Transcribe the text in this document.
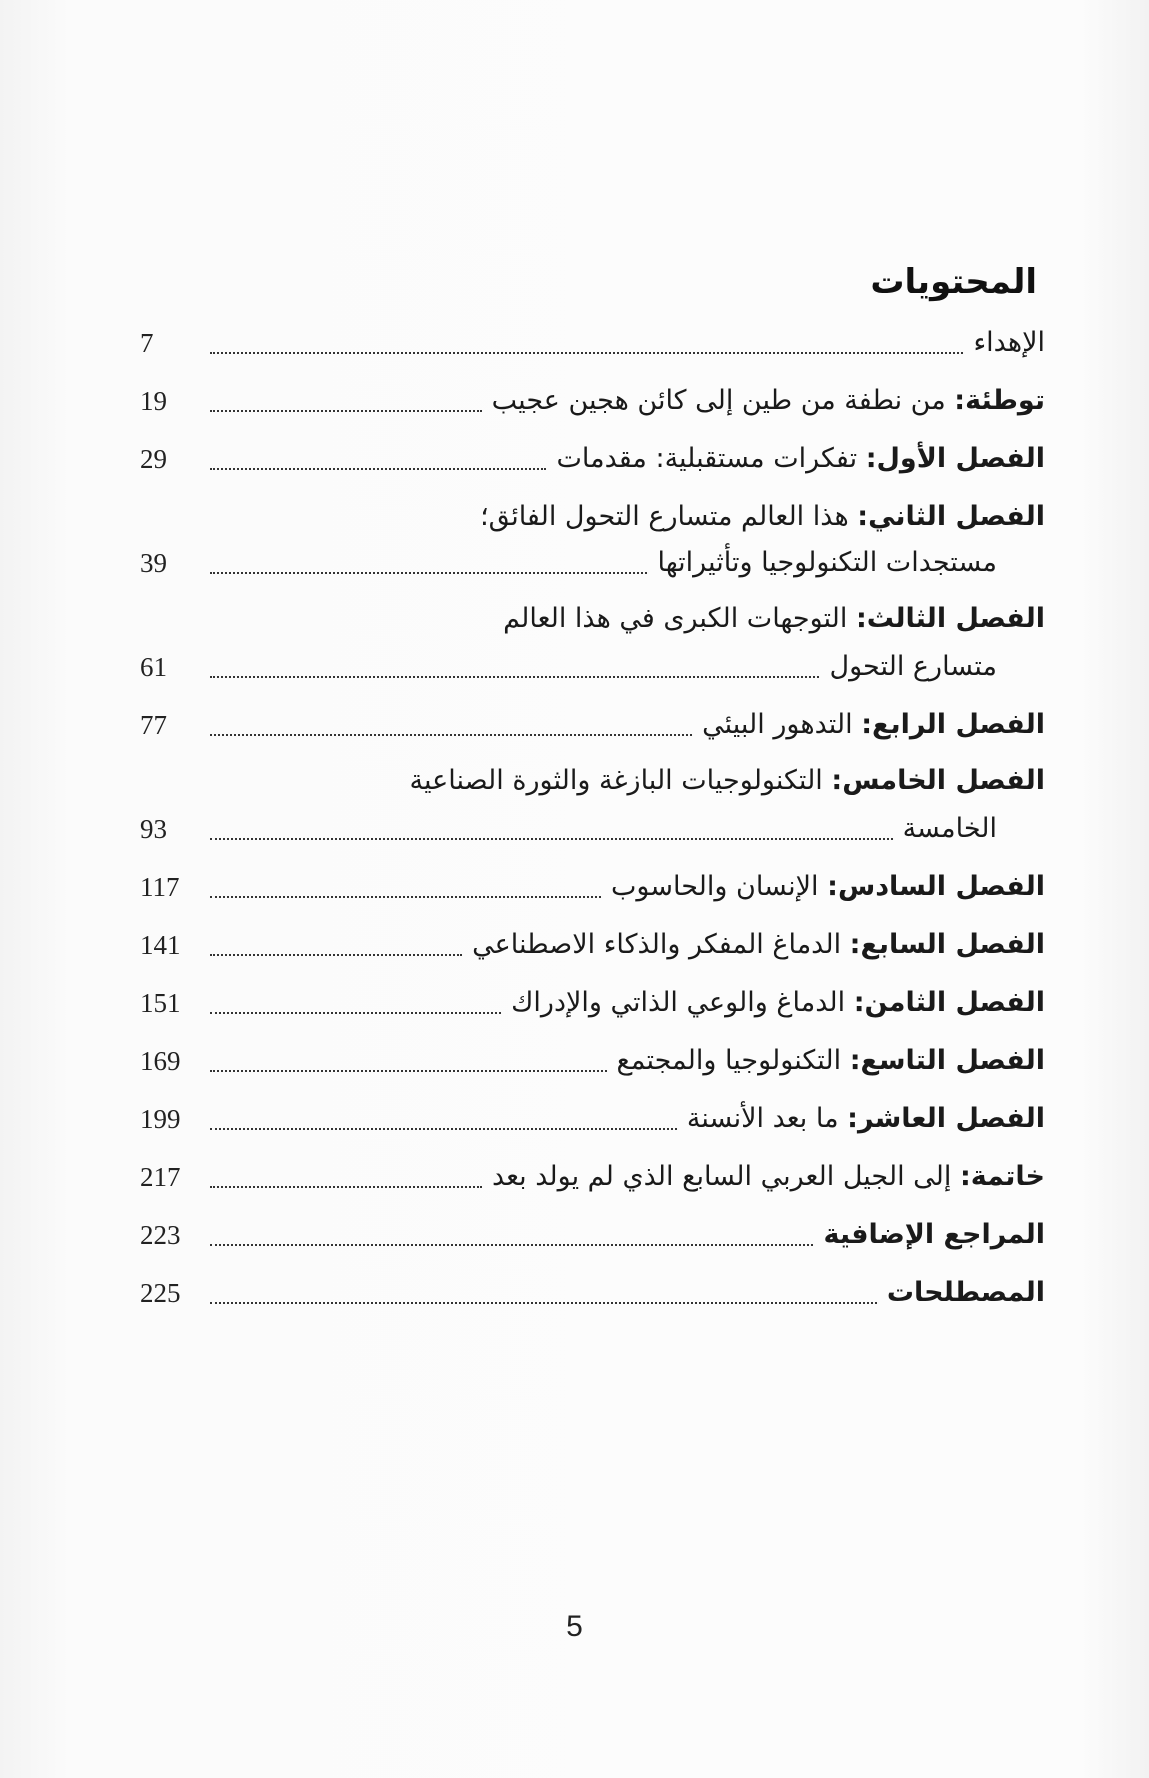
المحتويات
الإهداء
7
توطئة: من نطفة من طين إلى كائن هجين عجيب
19
الفصل الأول: تفكرات مستقبلية: مقدمات
29
الفصل الثاني: هذا العالم متسارع التحول الفائق؛
مستجدات التكنولوجيا وتأثيراتها
39
الفصل الثالث: التوجهات الكبرى في هذا العالم
متسارع التحول
61
الفصل الرابع: التدهور البيئي
77
الفصل الخامس: التكنولوجيات البازغة والثورة الصناعية
الخامسة
93
الفصل السادس: الإنسان والحاسوب
117
الفصل السابع: الدماغ المفكر والذكاء الاصطناعي
141
الفصل الثامن: الدماغ والوعي الذاتي والإدراك
151
الفصل التاسع: التكنولوجيا والمجتمع
169
الفصل العاشر: ما بعد الأنسنة
199
خاتمة: إلى الجيل العربي السابع الذي لم يولد بعد
217
المراجع الإضافية
223
المصطلحات
225
5
